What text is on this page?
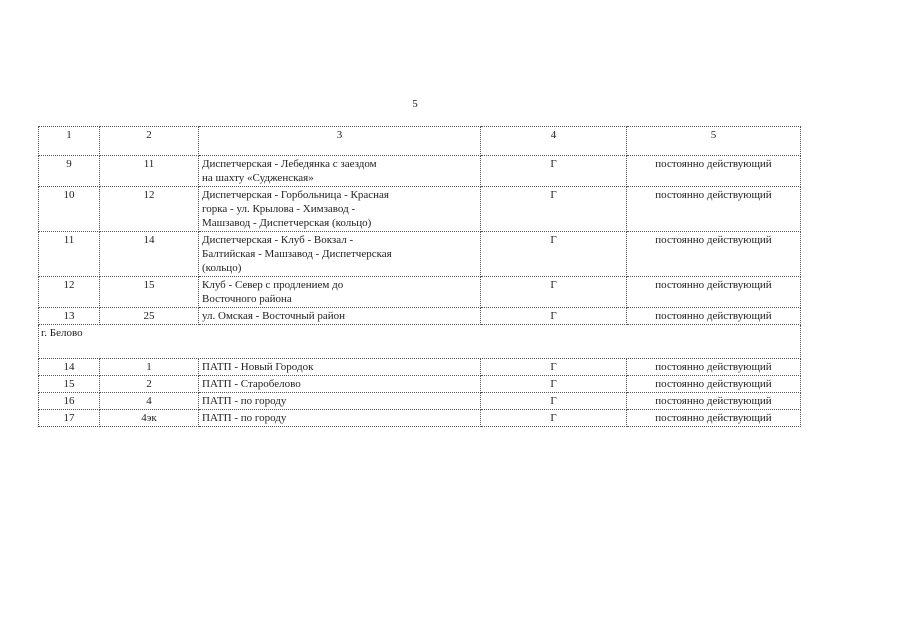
5
1	2	3	4	5
9	11	Диспетчерская - Лебедянка с заездом
на шахту «Судженская»	Г	постоянно действующий
10	12	Диспетчерская - Горбольница - Красная
горка - ул. Крылова - Химзавод -
Машзавод - Диспетчерская (кольцо)	Г	постоянно действующий
11	14	Диспетчерская - Клуб - Вокзал -
Балтийская - Машзавод - Диспетчерская
(кольцо)	Г	постоянно действующий
12	15	Клуб - Север с продлением до
Восточного района	Г	постоянно действующий
13	25	ул. Омская - Восточный район	Г	постоянно действующий
г. Белово				
14	1	ПАТП - Новый Городок	Г	постоянно действующий
15	2	ПАТП - Старобелово	Г	постоянно действующий
16	4	ПАТП - по городу	Г	постоянно действующий
17	4эк	ПАТП - по городу	Г	постоянно действующий
